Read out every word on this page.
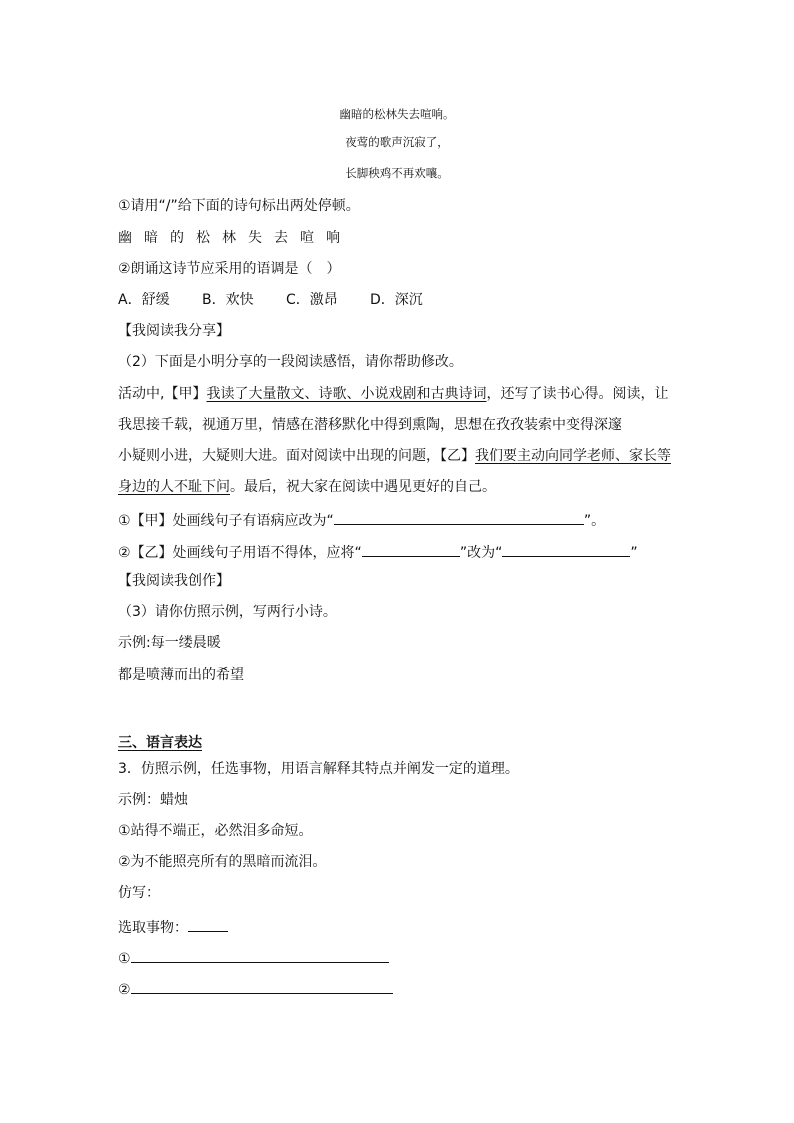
幽暗的松林失去喧响。
夜莺的歌声沉寂了，
长脚秧鸡不再欢嚷。
①请用“/”给下面的诗句标出两处停顿。
幽暗的松林失去喧响
②朗诵这诗节应采用的语调是（　）
A．舒缓 B．欢快 C．激昂 D．深沉
【我阅读我分享】
（2）下面是小明分享的一段阅读感悟，请你帮助修改。
活动中,【甲】我读了大量散文、诗歌、小说戏剧和古典诗词，还写了读书心得。阅读，让
我思接千载，视通万里，情感在潜移默化中得到熏陶，思想在孜孜装索中变得深邃
小疑则小进，大疑则大进。面对阅读中出现的问题，【乙】我们要主动向同学老师、家长等
身边的人不耻下问。最后，祝大家在阅读中遇见更好的自己。
①【甲】处画线句子有语病应改为“	”。
②【乙】处画线句子用语不得体，应将“	”改为“	”
【我阅读我创作】
（3）请你仿照示例，写两行小诗。
示例:每一缕晨暖
都是喷薄而出的希望
三、语言表达
3．仿照示例，任选事物，用语言解释其特点并阐发一定的道理。
示例：蜡烛
①站得不端正，必然泪多命短。
②为不能照亮所有的黑暗而流泪。
仿写：
选取事物：
①
②
